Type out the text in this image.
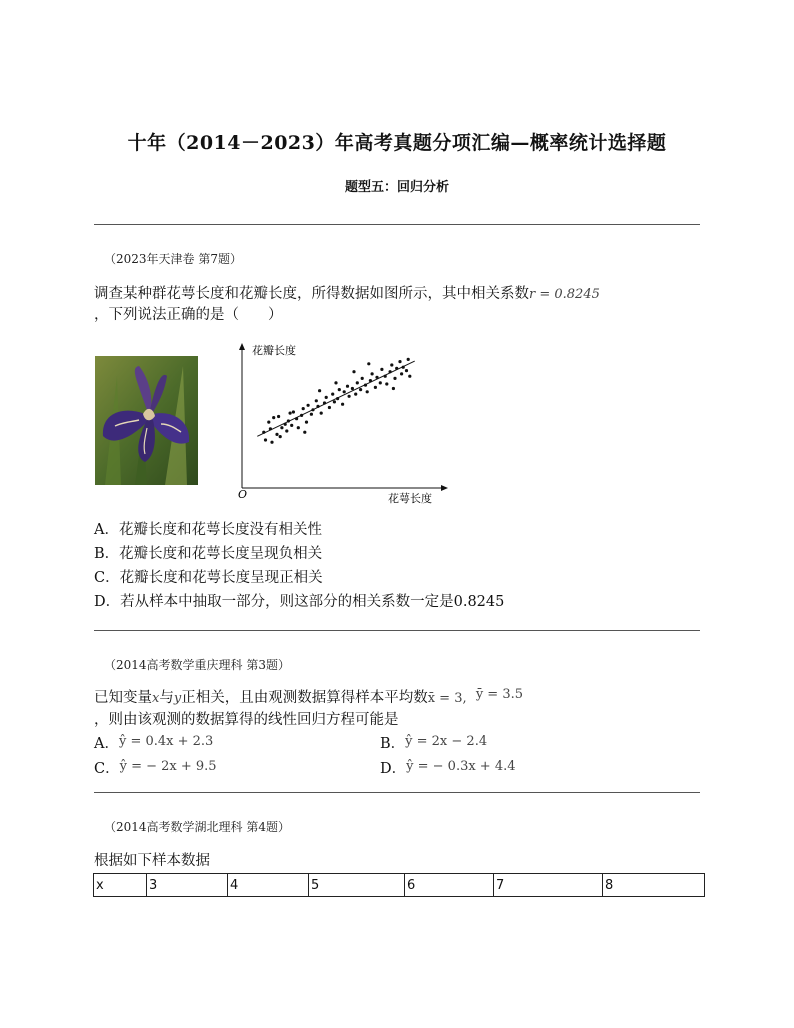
十年（2014－2023）年高考真题分项汇编—概率统计选择题
题型五：回归分析
（2023年天津卷 第7题）
调查某种群花萼长度和花瓣长度，所得数据如图所示，其中相关系数r = 0.8245
，下列说法正确的是（　　）
花瓣长度
花萼长度
O
A．花瓣长度和花萼长度没有相关性
B．花瓣长度和花萼长度呈现负相关
C．花瓣长度和花萼长度呈现正相关
D．若从样本中抽取一部分，则这部分的相关系数一定是0.8245
（2014高考数学重庆理科 第3题）
已知变量x与y正相关，且由观测数据算得样本平均数x̄ = 3, ȳ = 3.5
，则由该观测的数据算得的线性回归方程可能是
A．ŷ = 0.4x + 2.3	B．ŷ = 2x − 2.4
C．ŷ = − 2x + 9.5	D．ŷ = − 0.3x + 4.4
（2014高考数学湖北理科 第4题）
根据如下样本数据
x	3	4	5	6	7	8
